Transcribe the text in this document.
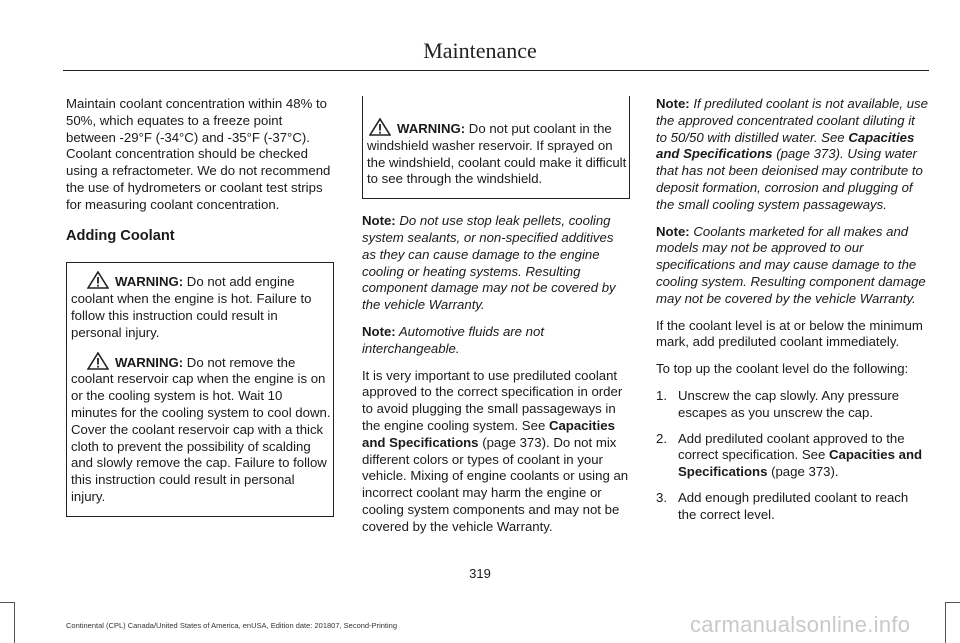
Maintenance

Maintain coolant concentration within 48% to 50%, which equates to a freeze point between -29°F (-34°C) and -35°F (-37°C). Coolant concentration should be checked using a refractometer. We do not recommend the use of hydrometers or coolant test strips for measuring coolant concentration.

Adding Coolant
WARNING: Do not add engine coolant when the engine is hot. Failure to follow this instruction could result in personal injury.
WARNING: Do not remove the coolant reservoir cap when the engine is on or the cooling system is hot. Wait 10 minutes for the cooling system to cool down. Cover the coolant reservoir cap with a thick cloth to prevent the possibility of scalding and slowly remove the cap. Failure to follow this instruction could result in personal injury.
WARNING: Do not put coolant in the windshield washer reservoir. If sprayed on the windshield, coolant could make it difficult to see through the windshield.

Note: Do not use stop leak pellets, cooling system sealants, or non-specified additives as they can cause damage to the engine cooling or heating systems. Resulting component damage may not be covered by the vehicle Warranty.

Note: Automotive fluids are not interchangeable.

It is very important to use prediluted coolant approved to the correct specification in order to avoid plugging the small passageways in the engine cooling system. See Capacities and Specifications (page 373). Do not mix different colors or types of coolant in your vehicle. Mixing of engine coolants or using an incorrect coolant may harm the engine or cooling system components and may not be covered by the vehicle Warranty.

Note: If prediluted coolant is not available, use the approved concentrated coolant diluting it to 50/50 with distilled water. See Capacities and Specifications (page 373). Using water that has not been deionised may contribute to deposit formation, corrosion and plugging of the small cooling system passageways.

Note: Coolants marketed for all makes and models may not be approved to our specifications and may cause damage to the cooling system. Resulting component damage may not be covered by the vehicle Warranty.

If the coolant level is at or below the minimum mark, add prediluted coolant immediately.

To top up the coolant level do the following:

1. Unscrew the cap slowly. Any pressure escapes as you unscrew the cap.
2. Add prediluted coolant approved to the correct specification. See Capacities and Specifications (page 373).
3. Add enough prediluted coolant to reach the correct level.
319
Continental (CPL) Canada/United States of America, enUSA, Edition date: 201807, Second-Printing	carmanualsonline.info
